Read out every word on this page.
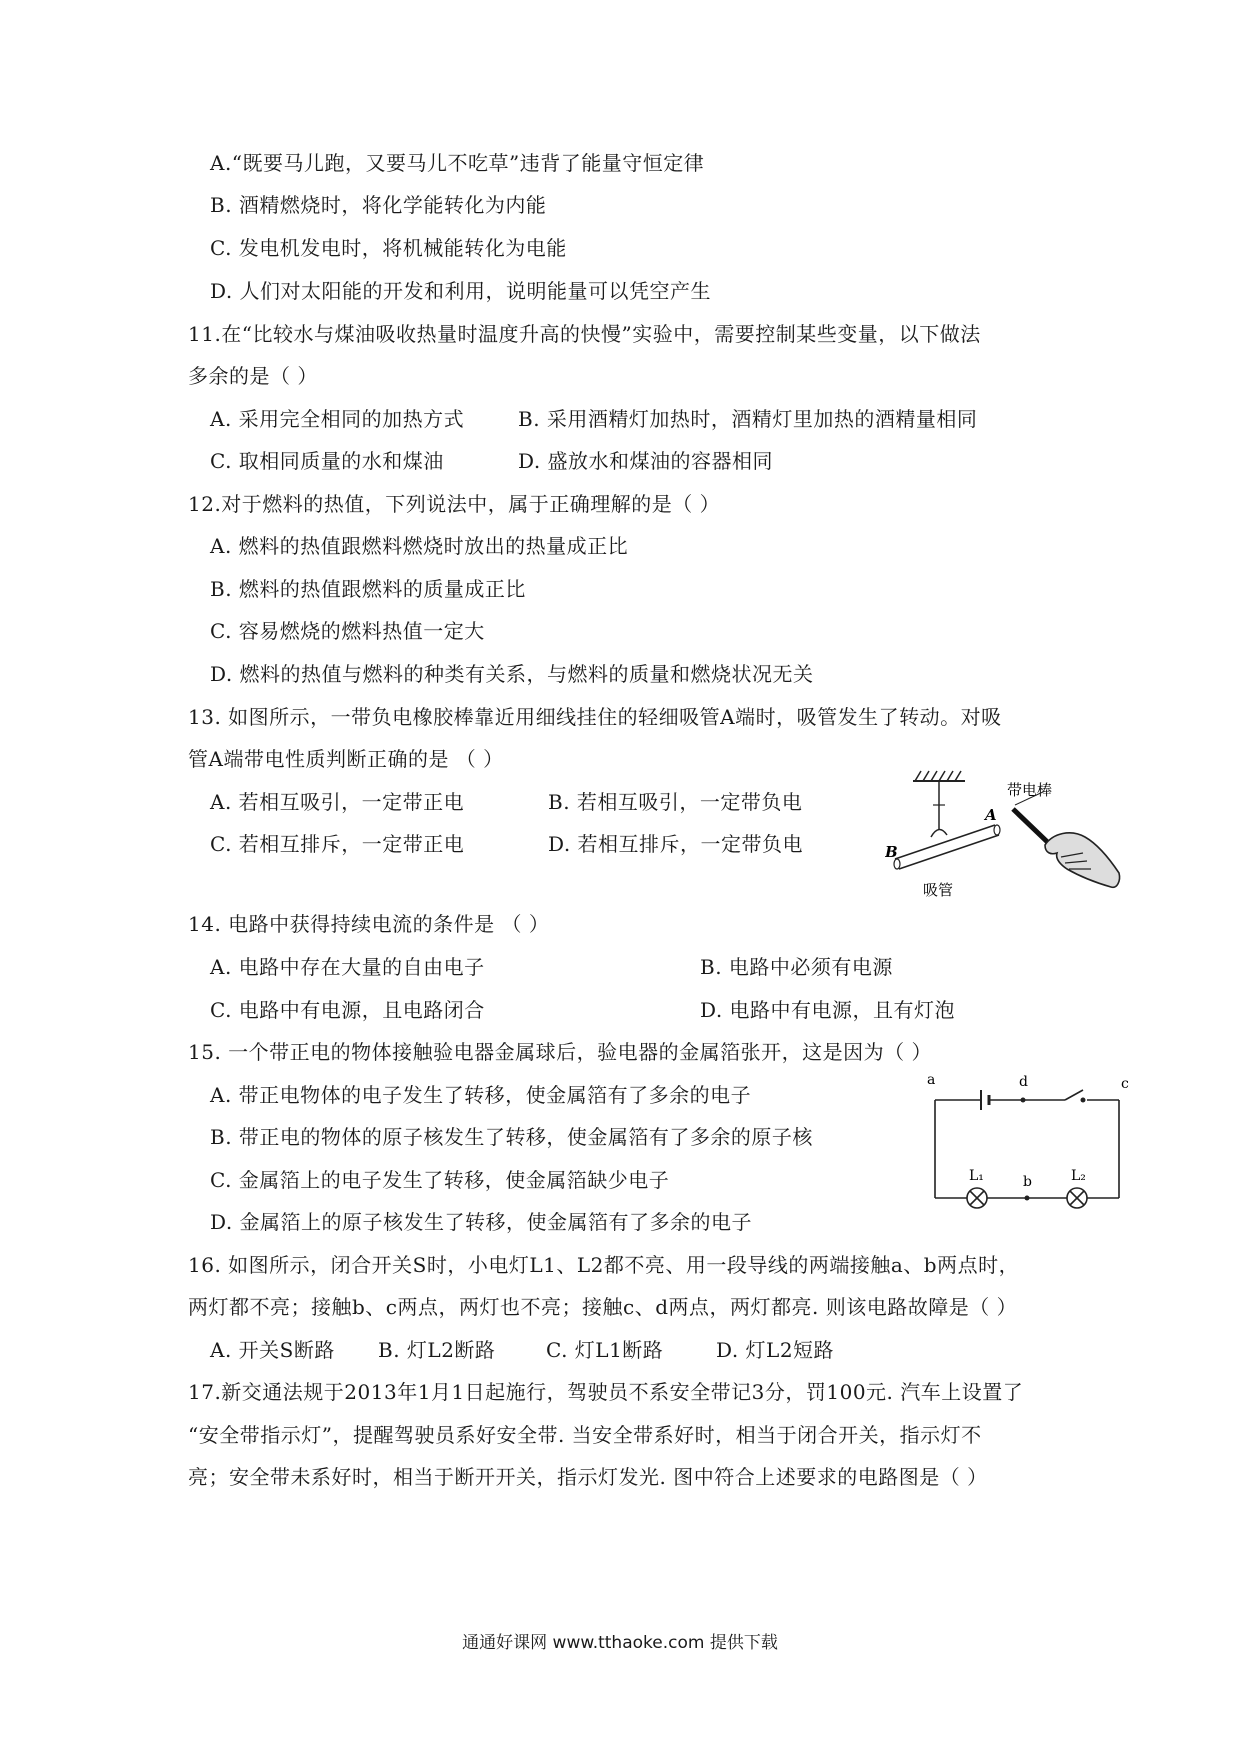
A.“既要马儿跑，又要马儿不吃草”违背了能量守恒定律
B. 酒精燃烧时，将化学能转化为内能
C. 发电机发电时，将机械能转化为电能
D. 人们对太阳能的开发和利用，说明能量可以凭空产生
11.在“比较水与煤油吸收热量时温度升高的快慢”实验中，需要控制某些变量，以下做法
多余的是（ ）
A. 采用完全相同的加热方式	B. 采用酒精灯加热时，酒精灯里加热的酒精量相同
C. 取相同质量的水和煤油	D. 盛放水和煤油的容器相同
12.对于燃料的热值，下列说法中，属于正确理解的是（ ）
A. 燃料的热值跟燃料燃烧时放出的热量成正比
B. 燃料的热值跟燃料的质量成正比
C. 容易燃烧的燃料热值一定大
D. 燃料的热值与燃料的种类有关系，与燃料的质量和燃烧状况无关
13. 如图所示，一带负电橡胶棒靠近用细线挂住的轻细吸管A端时，吸管发生了转动。对吸
管A端带电性质判断正确的是 （ ）
A. 若相互吸引，一定带正电	B. 若相互吸引，一定带负电
C. 若相互排斥，一定带正电	D. 若相互排斥，一定带负电	B
A
吸管
带电棒
14. 电路中获得持续电流的条件是 （ ）
A. 电路中存在大量的自由电子	B. 电路中必须有电源
C. 电路中有电源，且电路闭合	D. 电路中有电源，且有灯泡
15. 一个带正电的物体接触验电器金属球后，验电器的金属箔张开，这是因为（ ）
A. 带正电物体的电子发生了转移，使金属箔有了多余的电子
B. 带正电的物体的原子核发生了转移，使金属箔有了多余的原子核
C. 金属箔上的电子发生了转移，使金属箔缺少电子
D. 金属箔上的原子核发生了转移，使金属箔有了多余的电子
a	d	c
b
L₁	L₂
16. 如图所示，闭合开关S时，小电灯L1、L2都不亮、用一段导线的两端接触a、b两点时，
两灯都不亮；接触b、c两点，两灯也不亮；接触c、d两点，两灯都亮. 则该电路故障是（ ）
A. 开关S断路 B. 灯L2断路	C. 灯L1断路	D. 灯L2短路
17.新交通法规于2013年1月1日起施行，驾驶员不系安全带记3分，罚100元. 汽车上设置了
“安全带指示灯”，提醒驾驶员系好安全带. 当安全带系好时，相当于闭合开关，指示灯不
亮；安全带未系好时，相当于断开开关，指示灯发光. 图中符合上述要求的电路图是（ ）
通通好课网 www.tthaoke.com 提供下载
